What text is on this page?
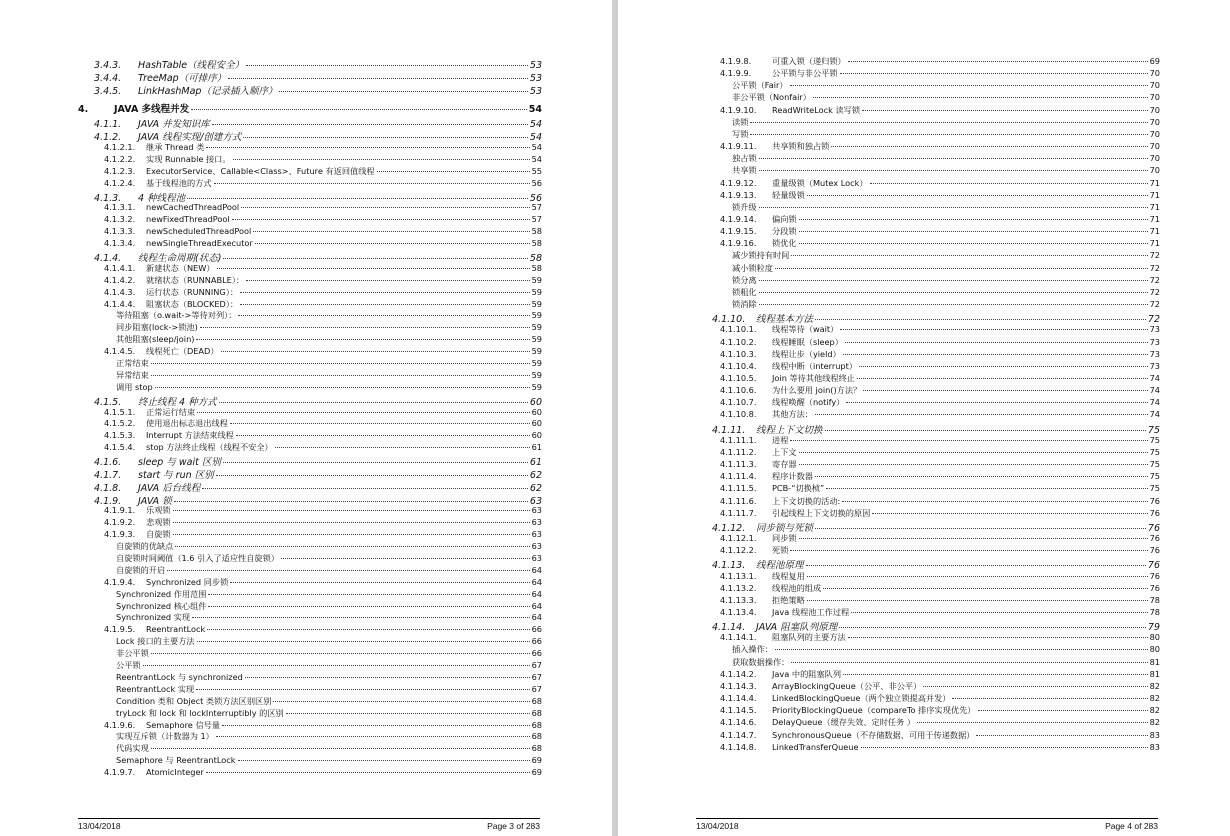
3.4.3.	HashTable（线程安全）	53
3.4.4.	TreeMap（可排序）	53
3.4.5.	LinkHashMap（记录插入顺序）	53
4.	JAVA 多线程并发	54
4.1.1.	JAVA 并发知识库	54
4.1.2.	JAVA 线程实现/创建方式	54
4.1.2.1.	继承 Thread 类	54
4.1.2.2.	实现 Runnable 接口。	54
4.1.2.3.	ExecutorService、Callable<Class>、Future 有返回值线程	55
4.1.2.4.	基于线程池的方式	56
4.1.3.	4 种线程池	56
4.1.3.1.	newCachedThreadPool	57
4.1.3.2.	newFixedThreadPool	57
4.1.3.3.	newScheduledThreadPool	58
4.1.3.4.	newSingleThreadExecutor	58
4.1.4.	线程生命周期(状态)	58
4.1.4.1.	新建状态（NEW）	58
4.1.4.2.	就绪状态（RUNNABLE）：	59
4.1.4.3.	运行状态（RUNNING）：	59
4.1.4.4.	阻塞状态（BLOCKED）：	59
等待阻塞（o.wait->等待对列）：	59
同步阻塞(lock->锁池)	59
其他阻塞(sleep/join)	59
4.1.4.5.	线程死亡（DEAD）	59
正常结束	59
异常结束	59
调用 stop	59
4.1.5.	终止线程 4 种方式	60
4.1.5.1.	正常运行结束	60
4.1.5.2.	使用退出标志退出线程	60
4.1.5.3.	Interrupt 方法结束线程	60
4.1.5.4.	stop 方法终止线程（线程不安全）	61
4.1.6.	sleep 与 wait 区别	61
4.1.7.	start 与 run 区别	62
4.1.8.	JAVA 后台线程	62
4.1.9.	JAVA 锁	63
4.1.9.1.	乐观锁	63
4.1.9.2.	悲观锁	63
4.1.9.3.	自旋锁	63
自旋锁的优缺点	63
自旋锁时间阈值（1.6 引入了适应性自旋锁）	63
自旋锁的开启	64
4.1.9.4.	Synchronized 同步锁	64
Synchronized 作用范围	64
Synchronized 核心组件	64
Synchronized 实现	64
4.1.9.5.	ReentrantLock	66
Lock 接口的主要方法	66
非公平锁	66
公平锁	67
ReentrantLock 与 synchronized	67
ReentrantLock 实现	67
Condition 类和 Object 类锁方法区别区别	68
tryLock 和 lock 和 lockInterruptibly 的区别	68
4.1.9.6.	Semaphore 信号量	68
实现互斥锁（计数器为 1）	68
代码实现	68
Semaphore 与 ReentrantLock	69
4.1.9.7.	AtomicInteger	69
13/04/2018	Page 3 of 283
4.1.9.8.	可重入锁（递归锁）	69
4.1.9.9.	公平锁与非公平锁	70
公平锁（Fair）	70
非公平锁（Nonfair）	70
4.1.9.10.	ReadWriteLock 读写锁	70
读锁	70
写锁	70
4.1.9.11.	共享锁和独占锁	70
独占锁	70
共享锁	70
4.1.9.12.	重量级锁（Mutex Lock）	71
4.1.9.13.	轻量级锁	71
锁升级	71
4.1.9.14.	偏向锁	71
4.1.9.15.	分段锁	71
4.1.9.16.	锁优化	71
减少锁持有时间	72
减小锁粒度	72
锁分离	72
锁粗化	72
锁消除	72
4.1.10.	线程基本方法	72
4.1.10.1.	线程等待（wait）	73
4.1.10.2.	线程睡眠（sleep）	73
4.1.10.3.	线程让步（yield）	73
4.1.10.4.	线程中断（interrupt）	73
4.1.10.5.	Join 等待其他线程终止	74
4.1.10.6.	为什么要用 join()方法？	74
4.1.10.7.	线程唤醒（notify）	74
4.1.10.8.	其他方法：	74
4.1.11.	线程上下文切换	75
4.1.11.1.	进程	75
4.1.11.2.	上下文	75
4.1.11.3.	寄存器	75
4.1.11.4.	程序计数器	75
4.1.11.5.	PCB-“切换桢”	75
4.1.11.6.	上下文切换的活动:	76
4.1.11.7.	引起线程上下文切换的原因	76
4.1.12.	同步锁与死锁	76
4.1.12.1.	同步锁	76
4.1.12.2.	死锁	76
4.1.13.	线程池原理	76
4.1.13.1.	线程复用	76
4.1.13.2.	线程池的组成	76
4.1.13.3.	拒绝策略	78
4.1.13.4.	Java 线程池工作过程	78
4.1.14.	JAVA 阻塞队列原理	79
4.1.14.1.	阻塞队列的主要方法	80
插入操作：	80
获取数据操作：	81
4.1.14.2.	Java 中的阻塞队列	81
4.1.14.3.	ArrayBlockingQueue（公平、非公平）	82
4.1.14.4.	LinkedBlockingQueue（两个独立锁提高并发）	82
4.1.14.5.	PriorityBlockingQueue（compareTo 排序实现优先）	82
4.1.14.6.	DelayQueue（缓存失效、定时任务 ）	82
4.1.14.7.	SynchronousQueue（不存储数据、可用于传递数据）	83
4.1.14.8.	LinkedTransferQueue	83
13/04/2018	Page 4 of 283
